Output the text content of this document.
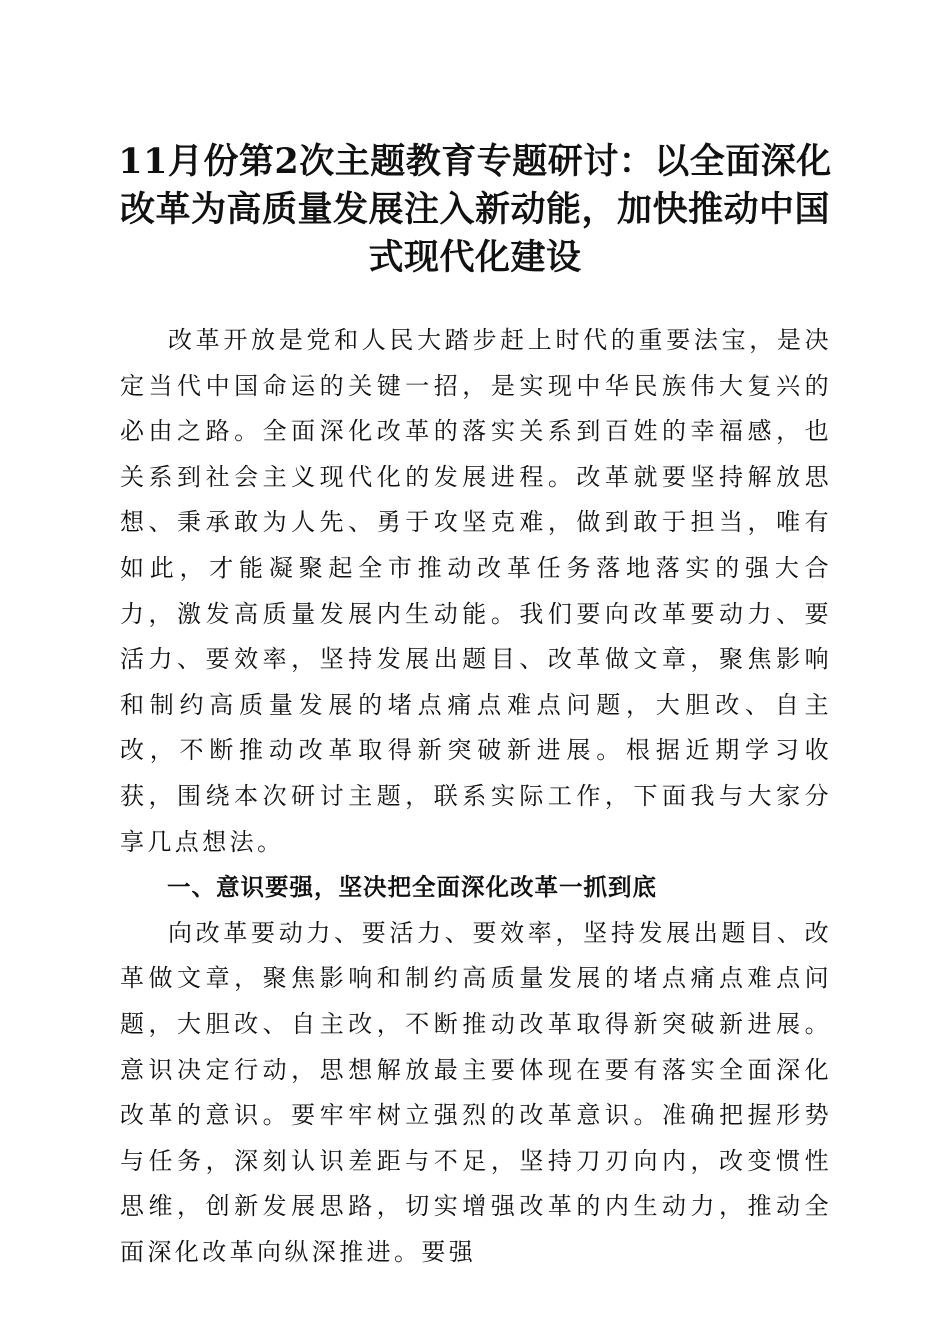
11月份第2次主题教育专题研讨：以全面深化改革为高质量发展注入新动能，加快推动中国式现代化建设

改革开放是党和人民大踏步赶上时代的重要法宝，是决定当代中国命运的关键一招，是实现中华民族伟大复兴的必由之路。全面深化改革的落实关系到百姓的幸福感，也关系到社会主义现代化的发展进程。改革就要坚持解放思想、秉承敢为人先、勇于攻坚克难，做到敢于担当，唯有如此，才能凝聚起全市推动改革任务落地落实的强大合力，激发高质量发展内生动能。我们要向改革要动力、要活力、要效率，坚持发展出题目、改革做文章，聚焦影响和制约高质量发展的堵点痛点难点问题，大胆改、自主改，不断推动改革取得新突破新进展。根据近期学习收获，围绕本次研讨主题，联系实际工作，下面我与大家分享几点想法。

一、意识要强，坚决把全面深化改革一抓到底

向改革要动力、要活力、要效率，坚持发展出题目、改革做文章，聚焦影响和制约高质量发展的堵点痛点难点问题，大胆改、自主改，不断推动改革取得新突破新进展。意识决定行动，思想解放最主要体现在要有落实全面深化改革的意识。要牢牢树立强烈的改革意识。准确把握形势与任务，深刻认识差距与不足，坚持刀刃向内，改变惯性思维，创新发展思路，切实增强改革的内生动力，推动全面深化改革向纵深推进。要强
